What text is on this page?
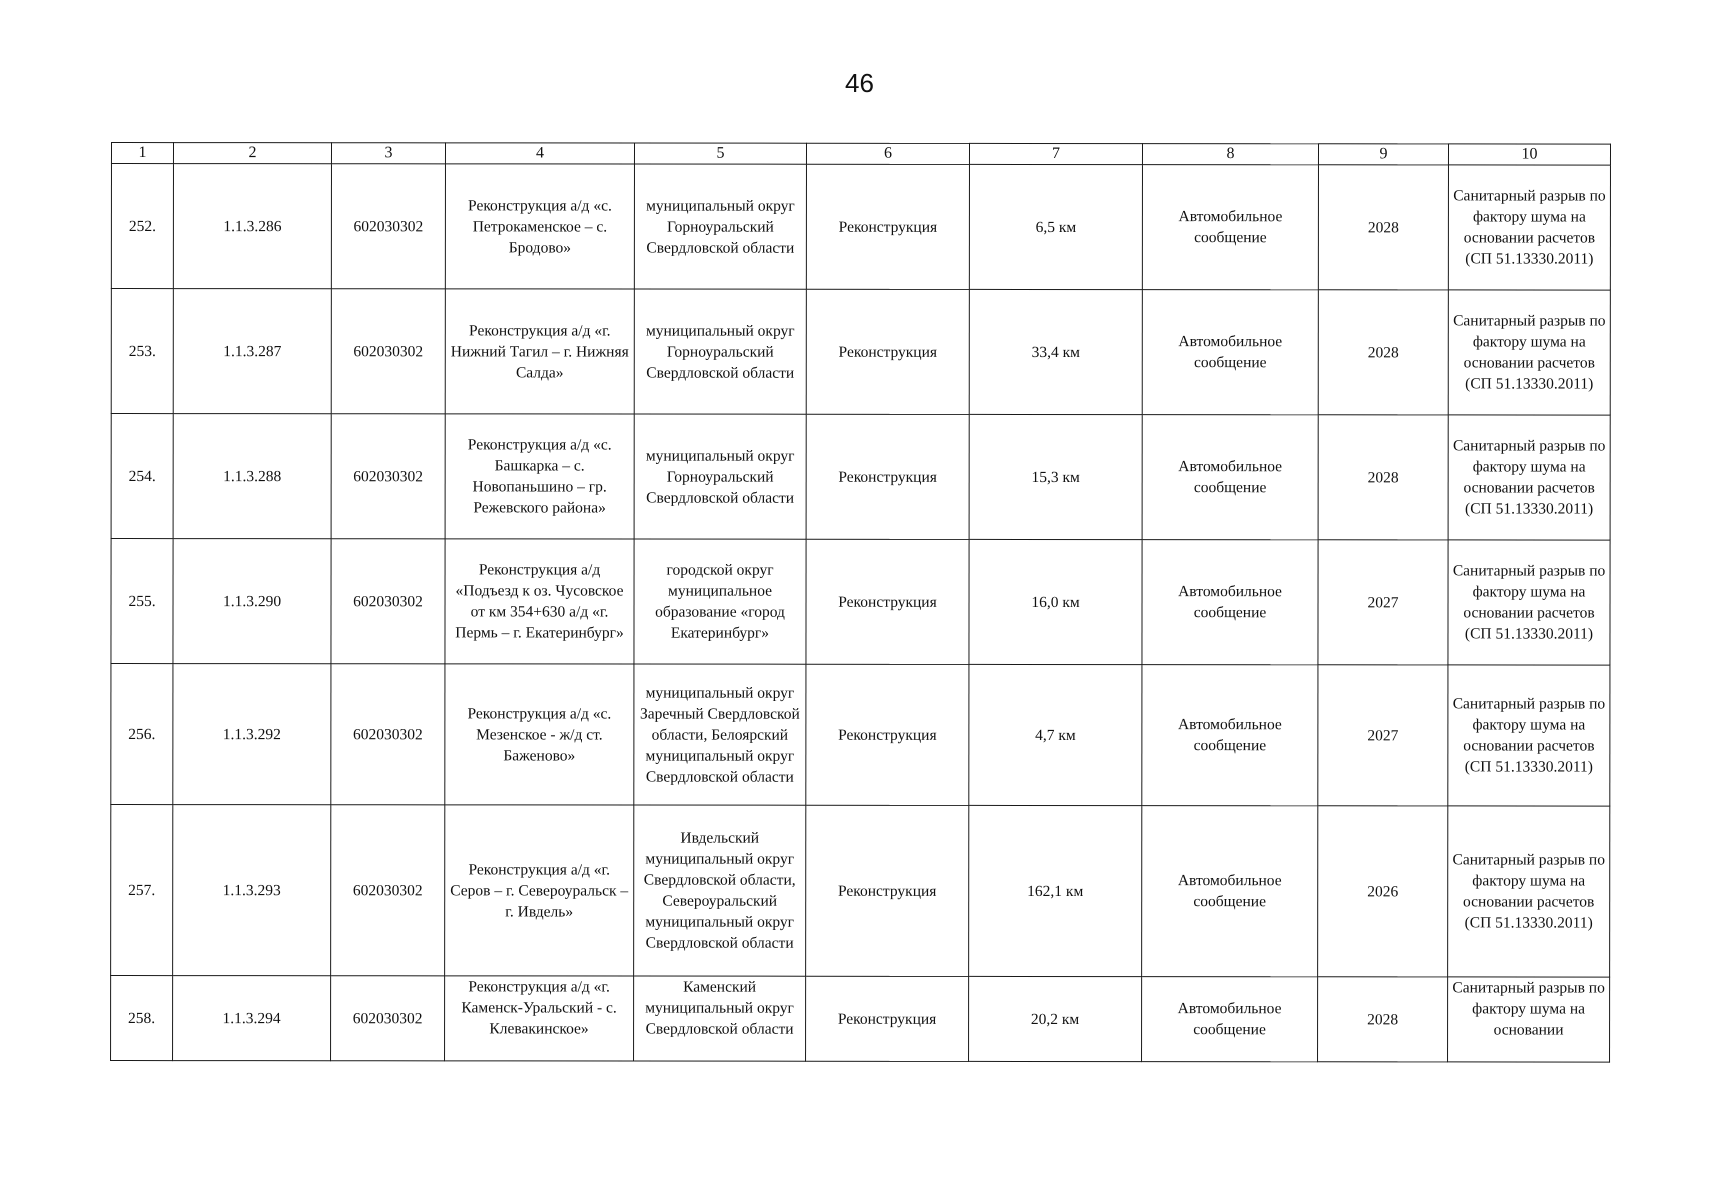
46
1	2	3	4	5	6	7	8	9	10
252.	1.1.3.286	602030302	Реконструкция а/д «с. Петрокаменское – с. Бродово»	муниципальный округ Горноуральский Свердловской области	Реконструкция	6,5 км	Автомобильное сообщение	2028	Санитарный разрыв по фактору шума на основании расчетов (СП 51.13330.2011)
253.	1.1.3.287	602030302	Реконструкция а/д «г. Нижний Тагил – г. Нижняя Салда»	муниципальный округ Горноуральский Свердловской области	Реконструкция	33,4 км	Автомобильное сообщение	2028	Санитарный разрыв по фактору шума на основании расчетов (СП 51.13330.2011)
254.	1.1.3.288	602030302	Реконструкция а/д «с. Башкарка – с. Новопаньшино – гр. Режевского района»	муниципальный округ Горноуральский Свердловской области	Реконструкция	15,3 км	Автомобильное сообщение	2028	Санитарный разрыв по фактору шума на основании расчетов (СП 51.13330.2011)
255.	1.1.3.290	602030302	Реконструкция а/д «Подъезд к оз. Чусовское от км 354+630 а/д «г. Пермь – г. Екатеринбург»	городской округ муниципальное образование «город Екатеринбург»	Реконструкция	16,0 км	Автомобильное сообщение	2027	Санитарный разрыв по фактору шума на основании расчетов (СП 51.13330.2011)
256.	1.1.3.292	602030302	Реконструкция а/д «с. Мезенское - ж/д ст. Баженово»	муниципальный округ Заречный Свердловской области, Белоярский муниципальный округ Свердловской области	Реконструкция	4,7 км	Автомобильное сообщение	2027	Санитарный разрыв по фактору шума на основании расчетов (СП 51.13330.2011)
257.	1.1.3.293	602030302	Реконструкция а/д «г. Серов – г. Североуральск –г. Ивдель»	Ивдельский муниципальный округ Свердловской области, Североуральский муниципальный округ Свердловской области	Реконструкция	162,1 км	Автомобильное сообщение	2026	Санитарный разрыв по фактору шума на основании расчетов (СП 51.13330.2011)
258.	1.1.3.294	602030302	Реконструкция а/д «г. Каменск-Уральский - с. Клевакинское»	Каменский муниципальный округ Свердловской области	Реконструкция	20,2 км	Автомобильное сообщение	2028	Санитарный разрыв по фактору шума на основании
